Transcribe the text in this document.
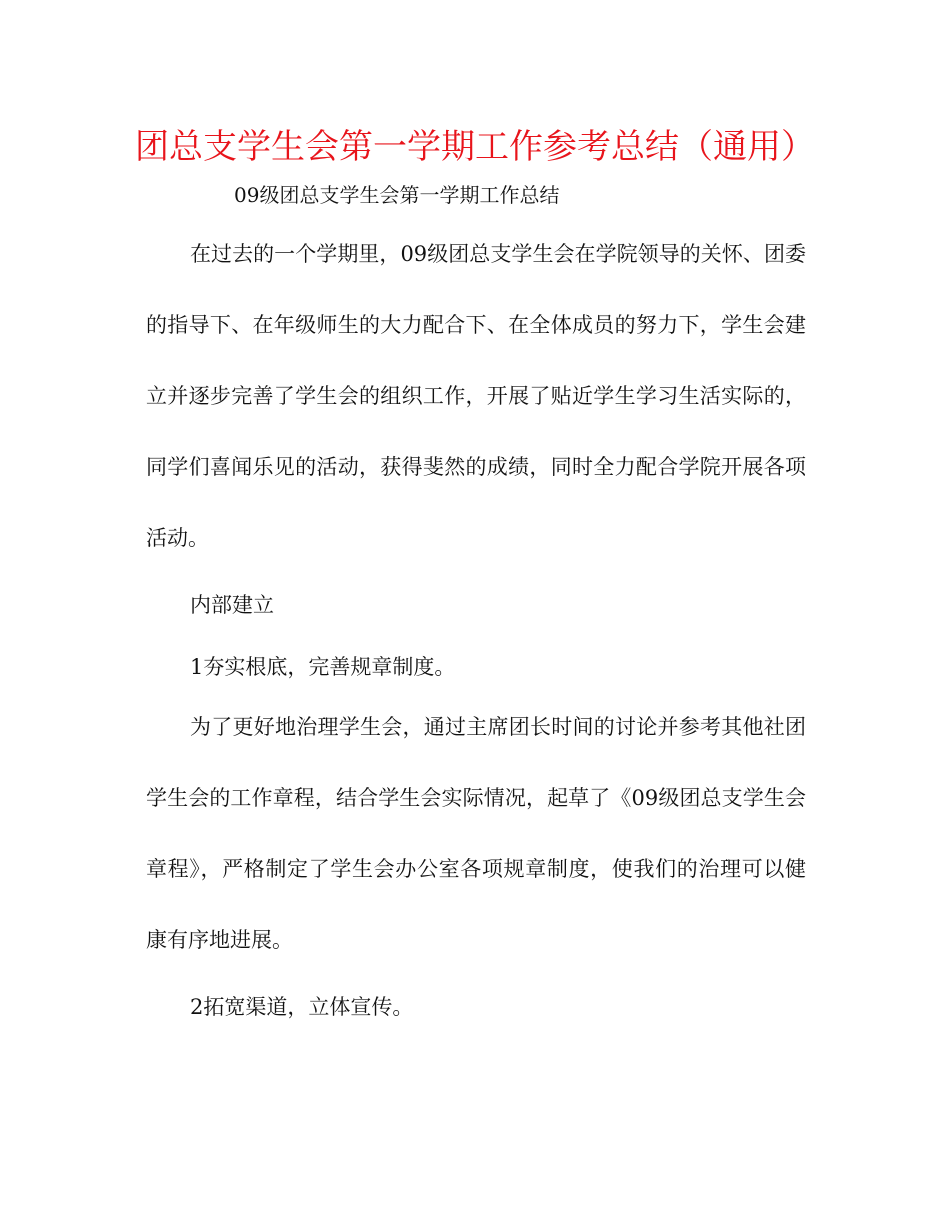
团总支学生会第一学期工作参考总结（通用）

09级团总支学生会第一学期工作总结

在过去的一个学期里，09级团总支学生会在学院领导的关怀、团委的指导下、在年级师生的大力配合下、在全体成员的努力下，学生会建立并逐步完善了学生会的组织工作，开展了贴近学生学习生活实际的，同学们喜闻乐见的活动，获得斐然的成绩，同时全力配合学院开展各项活动。

内部建立

1夯实根底，完善规章制度。

为了更好地治理学生会，通过主席团长时间的讨论并参考其他社团学生会的工作章程，结合学生会实际情况，起草了《09级团总支学生会章程》，严格制定了学生会办公室各项规章制度，使我们的治理可以健康有序地进展。

2拓宽渠道，立体宣传。
